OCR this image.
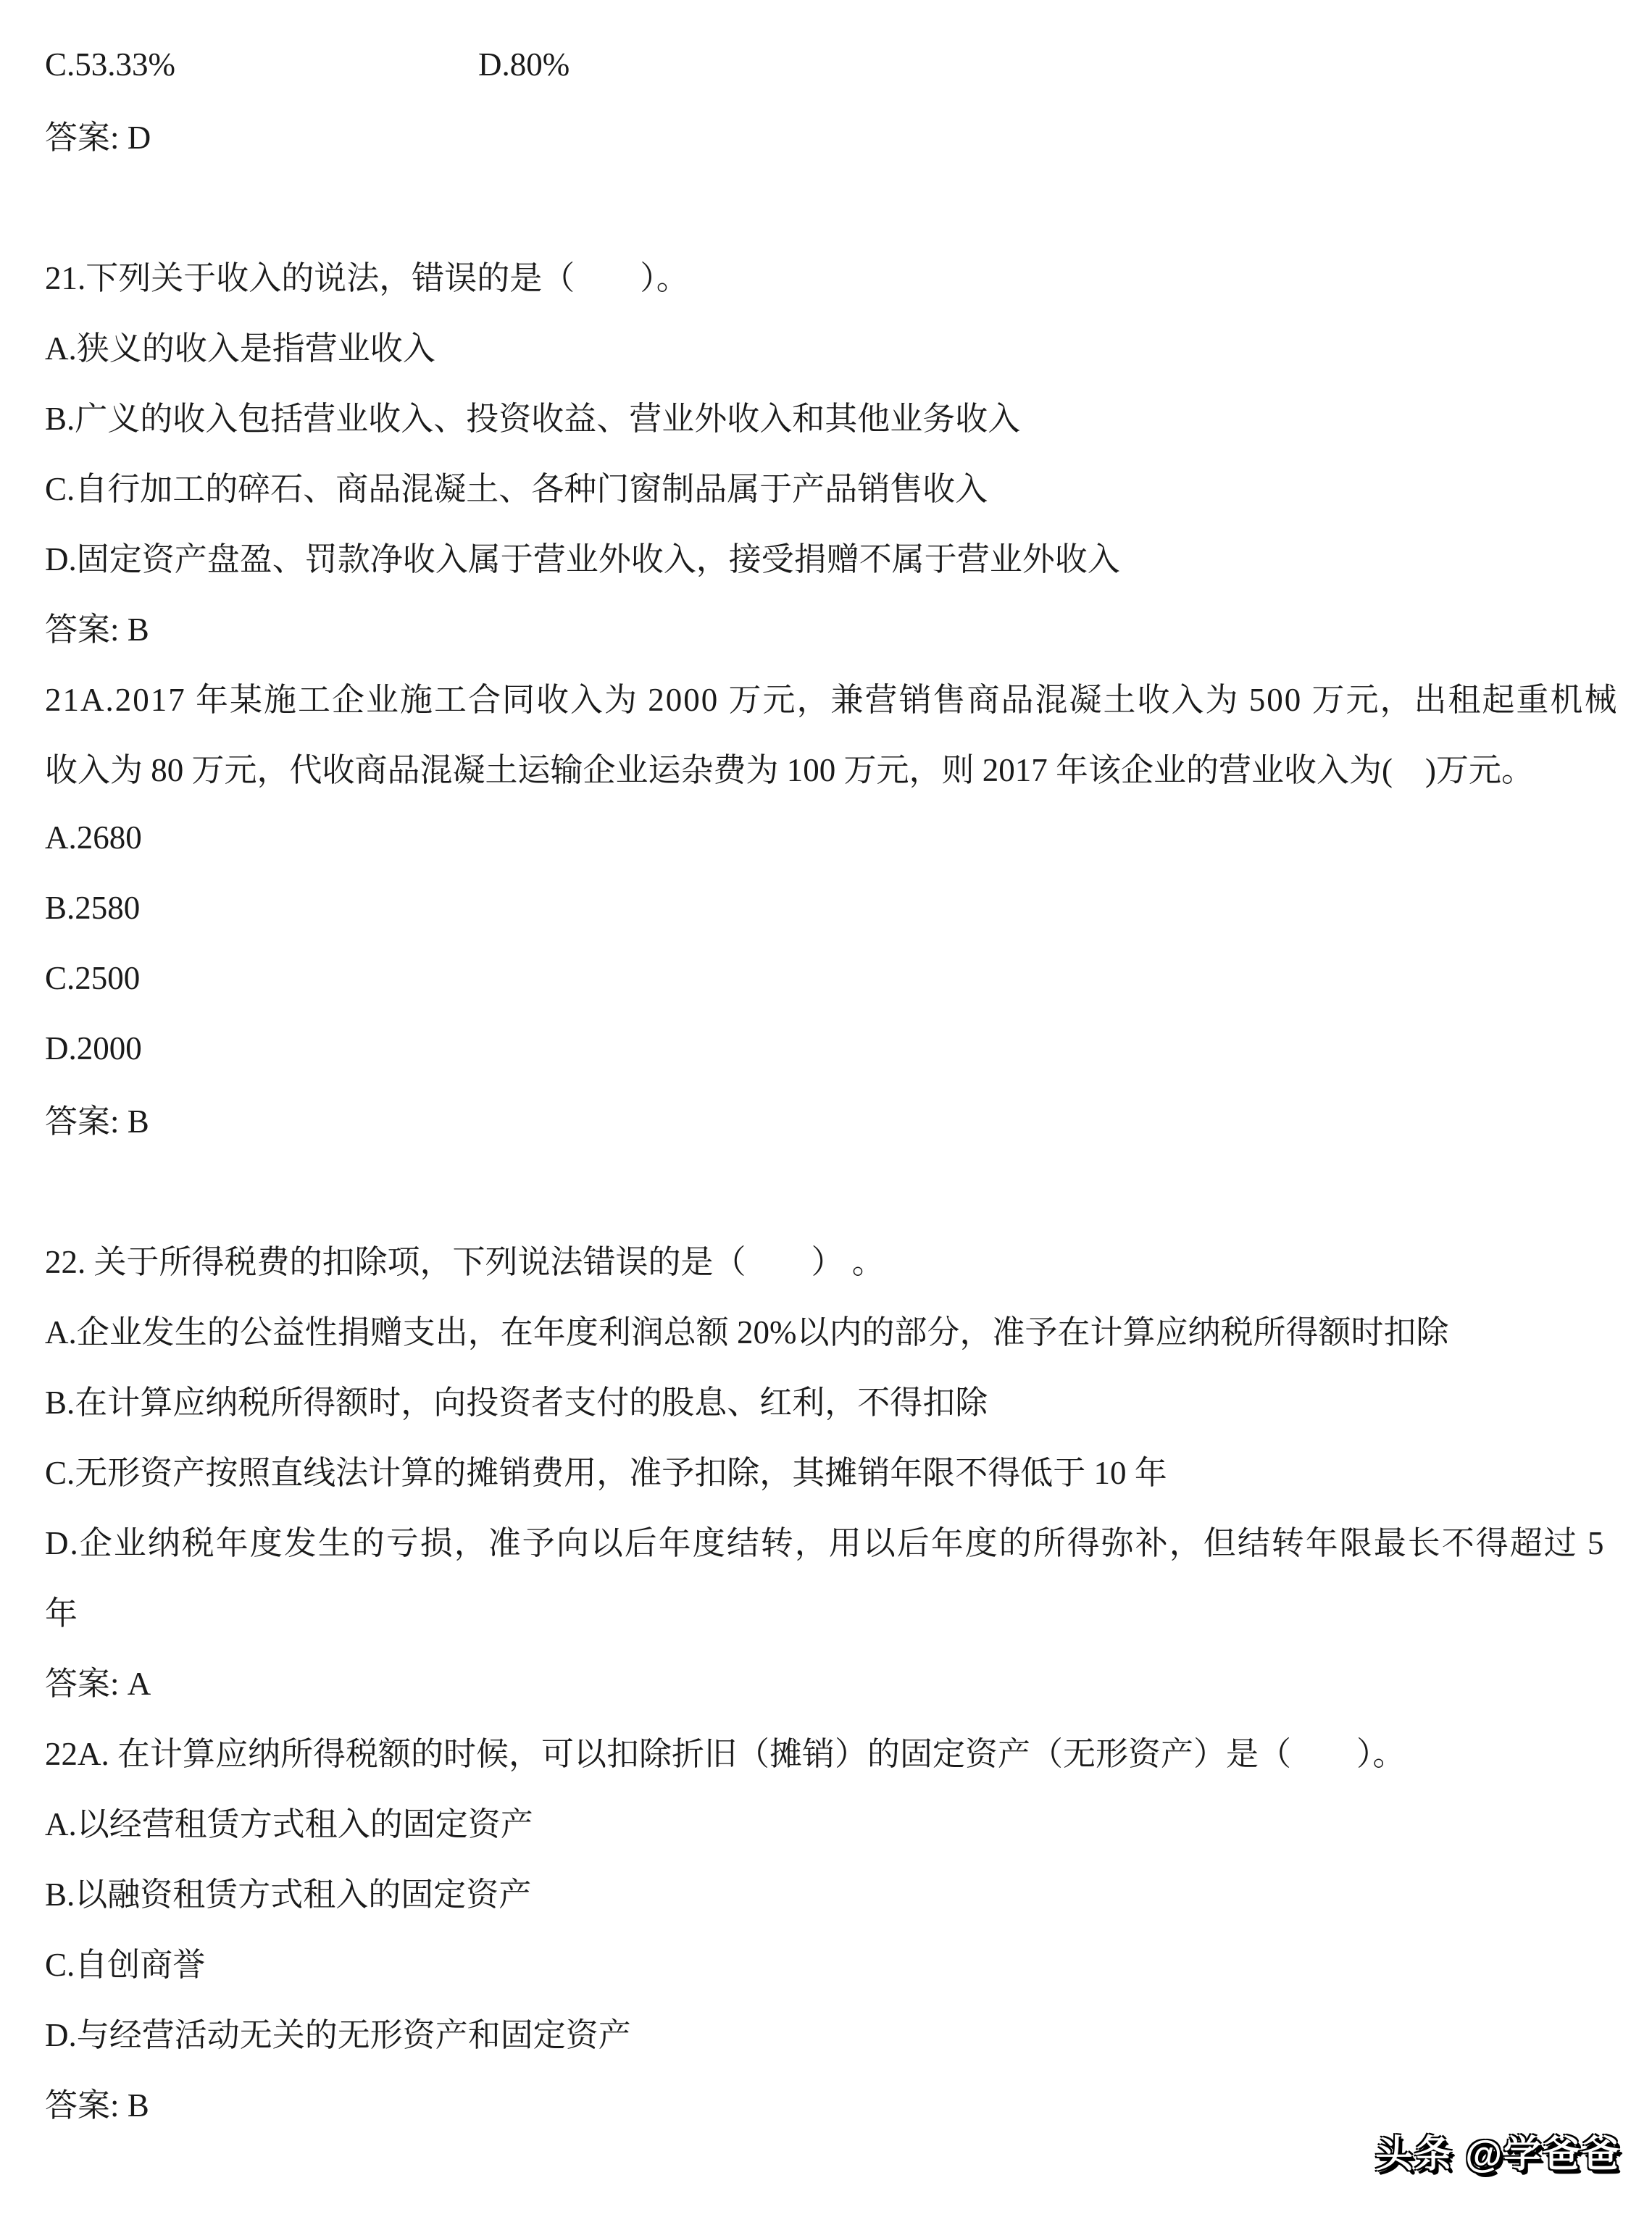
C.53.33%	D.80%
答案: D
21.下列关于收入的说法，错误的是（　　）。
A.狭义的收入是指营业收入
B.广义的收入包括营业收入、投资收益、营业外收入和其他业务收入
C.自行加工的碎石、商品混凝土、各种门窗制品属于产品销售收入
D.固定资产盘盈、罚款净收入属于营业外收入，接受捐赠不属于营业外收入
答案: B
21A.2017 年某施工企业施工合同收入为 2000 万元，兼营销售商品混凝土收入为 500 万元，出租起重机械
收入为 80 万元，代收商品混凝土运输企业运杂费为 100 万元，则 2017 年该企业的营业收入为(　)万元。
A.2680
B.2580
C.2500
D.2000
答案: B
22. 关于所得税费的扣除项，下列说法错误的是（　　） 。
A.企业发生的公益性捐赠支出，在年度利润总额 20%以内的部分，准予在计算应纳税所得额时扣除
B.在计算应纳税所得额时，向投资者支付的股息、红利，不得扣除
C.无形资产按照直线法计算的摊销费用，准予扣除，其摊销年限不得低于 10 年
D.企业纳税年度发生的亏损，准予向以后年度结转，用以后年度的所得弥补，但结转年限最长不得超过 5
年
答案: A
22A. 在计算应纳所得税额的时候，可以扣除折旧（摊销）的固定资产（无形资产）是（　　）。
A.以经营租赁方式租入的固定资产
B.以融资租赁方式租入的固定资产
C.自创商誉
D.与经营活动无关的无形资产和固定资产
答案: B
头条 @学爸爸
